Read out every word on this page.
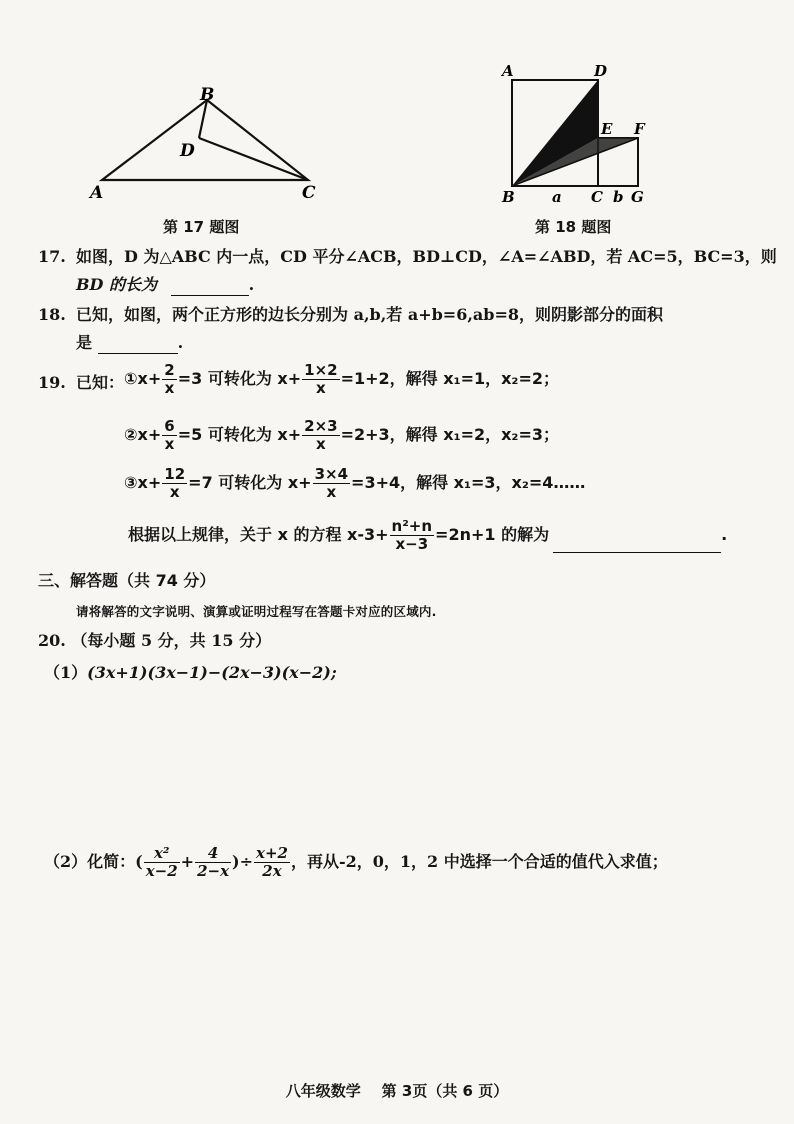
B
D
A	C
第 17 题图
A	D
E F
B a C b G
第 18 题图
17. 如图，D 为△ABC 内一点，CD 平分∠ACB，BD⊥CD，∠A=∠ABD，若 AC=5，BC=3，则
BD 的长为	.
18. 已知，如图，两个正方形的边长分别为 a,b,若 a+b=6,ab=8，则阴影部分的面积
是	.
19. 已知： ①x+ $\frac{2}{x} =3$ 可转化为 $x+ \frac{1\times 2}{x} =1+2$，解得 x₁=1，x₂=2；
②x+ $\frac{6}{x} =5$ 可转化为 $x+ \frac{2\times 3}{x} =2+3$，解得 x₁=2，x₂=3；
③x+ $\frac{12}{x} =7$ 可转化为 $x+ \frac{3\times 4}{x} =3+4$，解得 x₁=3，x₂=4……
根据以上规律，关于 x 的方程 $x-3+ \frac{\text{n²+n}}{x-3} =2n+1$ 的解为	.
三、解答题（共 74 分）
请将解答的文字说明、演算或证明过程写在答题卡对应的区域内.
20. （每小题 5 分，共 15 分）
（1）(3x+1)(3x−1)−(2x−3)(x−2);
（2）化简：( $\frac{\text{x²}}{x-2} + \frac{4}{2-x}$ )÷ $\frac{x+2}{2x}$ ，再从-2，0，1，2 中选择一个合适的值代入求值；
八年级数学    第 3页（共 6 页）
